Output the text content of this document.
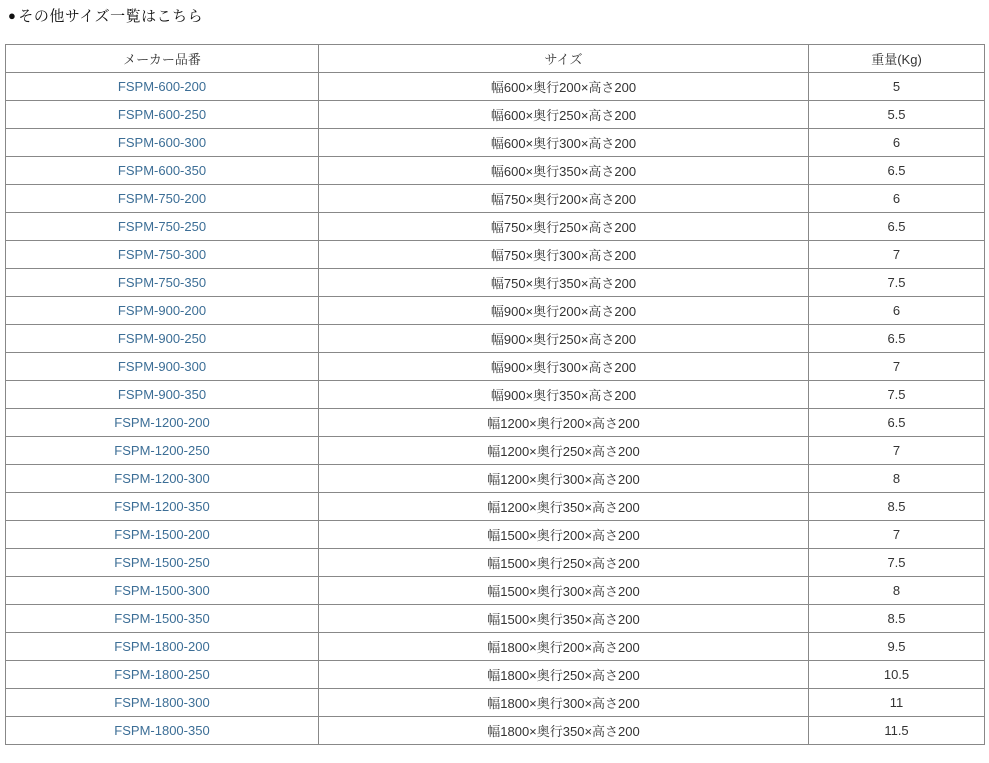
● その他サイズ一覧はこちら
メーカー品番	サイズ	重量(Kg)
FSPM-600-200	幅600×奥行200×高さ200	5
FSPM-600-250	幅600×奥行250×高さ200	5.5
FSPM-600-300	幅600×奥行300×高さ200	6
FSPM-600-350	幅600×奥行350×高さ200	6.5
FSPM-750-200	幅750×奥行200×高さ200	6
FSPM-750-250	幅750×奥行250×高さ200	6.5
FSPM-750-300	幅750×奥行300×高さ200	7
FSPM-750-350	幅750×奥行350×高さ200	7.5
FSPM-900-200	幅900×奥行200×高さ200	6
FSPM-900-250	幅900×奥行250×高さ200	6.5
FSPM-900-300	幅900×奥行300×高さ200	7
FSPM-900-350	幅900×奥行350×高さ200	7.5
FSPM-1200-200	幅1200×奥行200×高さ200	6.5
FSPM-1200-250	幅1200×奥行250×高さ200	7
FSPM-1200-300	幅1200×奥行300×高さ200	8
FSPM-1200-350	幅1200×奥行350×高さ200	8.5
FSPM-1500-200	幅1500×奥行200×高さ200	7
FSPM-1500-250	幅1500×奥行250×高さ200	7.5
FSPM-1500-300	幅1500×奥行300×高さ200	8
FSPM-1500-350	幅1500×奥行350×高さ200	8.5
FSPM-1800-200	幅1800×奥行200×高さ200	9.5
FSPM-1800-250	幅1800×奥行250×高さ200	10.5
FSPM-1800-300	幅1800×奥行300×高さ200	11
FSPM-1800-350	幅1800×奥行350×高さ200	11.5
